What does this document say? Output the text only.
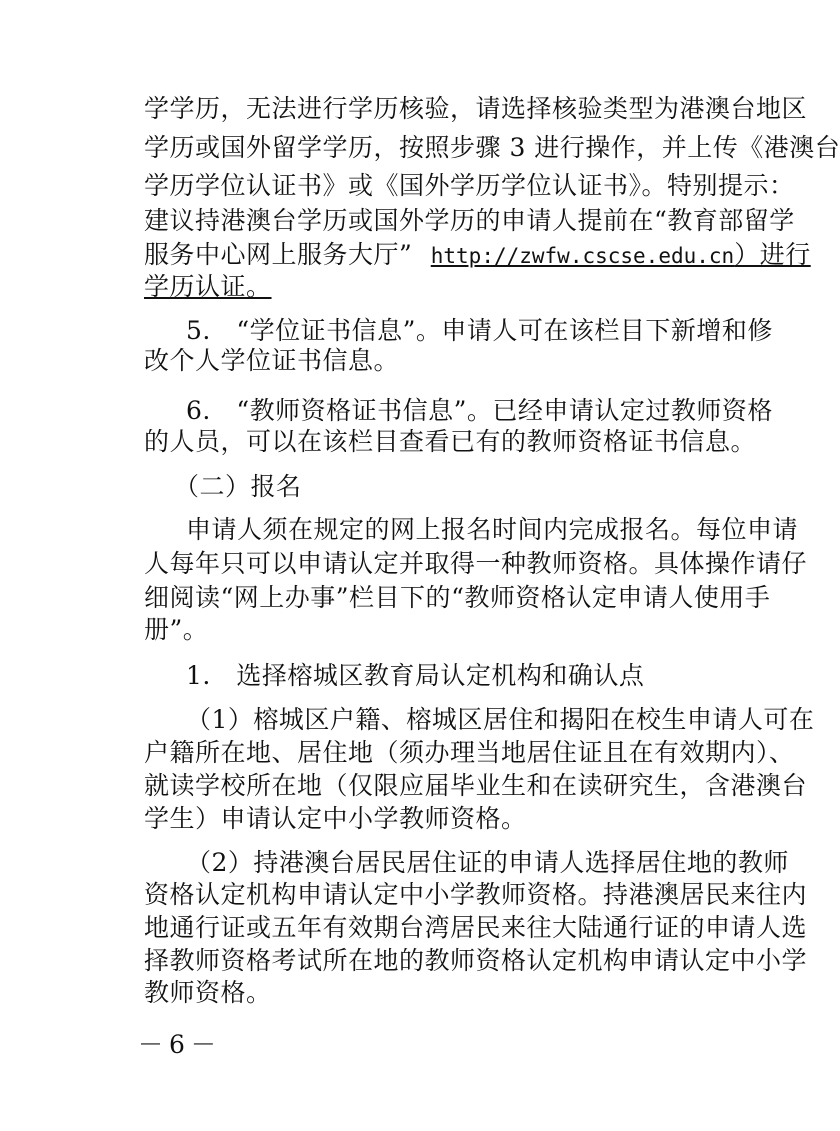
学学历，无法进行学历核验，请选择核验类型为港澳台地区
学历或国外留学学历，按照步骤 3 进行操作，并上传《港澳台
学历学位认证书》或《国外学历学位认证书》。特别提示：
建议持港澳台学历或国外学历的申请人提前在“教育部留学
服务中心网上服务大厅” http://zwfw.cscse.edu.cn）进行
学历认证。
5.　“学位证书信息”。申请人可在该栏目下新增和修
改个人学位证书信息。
6.　“教师资格证书信息”。已经申请认定过教师资格
的人员，可以在该栏目查看已有的教师资格证书信息。
（二）报名
申请人须在规定的网上报名时间内完成报名。每位申请
人每年只可以申请认定并取得一种教师资格。具体操作请仔
细阅读“网上办事”栏目下的“教师资格认定申请人使用手
册”。
1.　选择榕城区教育局认定机构和确认点
（1）榕城区户籍、榕城区居住和揭阳在校生申请人可在
户籍所在地、居住地（须办理当地居住证且在有效期内）、
就读学校所在地（仅限应届毕业生和在读研究生，含港澳台
学生）申请认定中小学教师资格。
（2）持港澳台居民居住证的申请人选择居住地的教师
资格认定机构申请认定中小学教师资格。持港澳居民来往内
地通行证或五年有效期台湾居民来往大陆通行证的申请人选
择教师资格考试所在地的教师资格认定机构申请认定中小学
教师资格。
－6－
